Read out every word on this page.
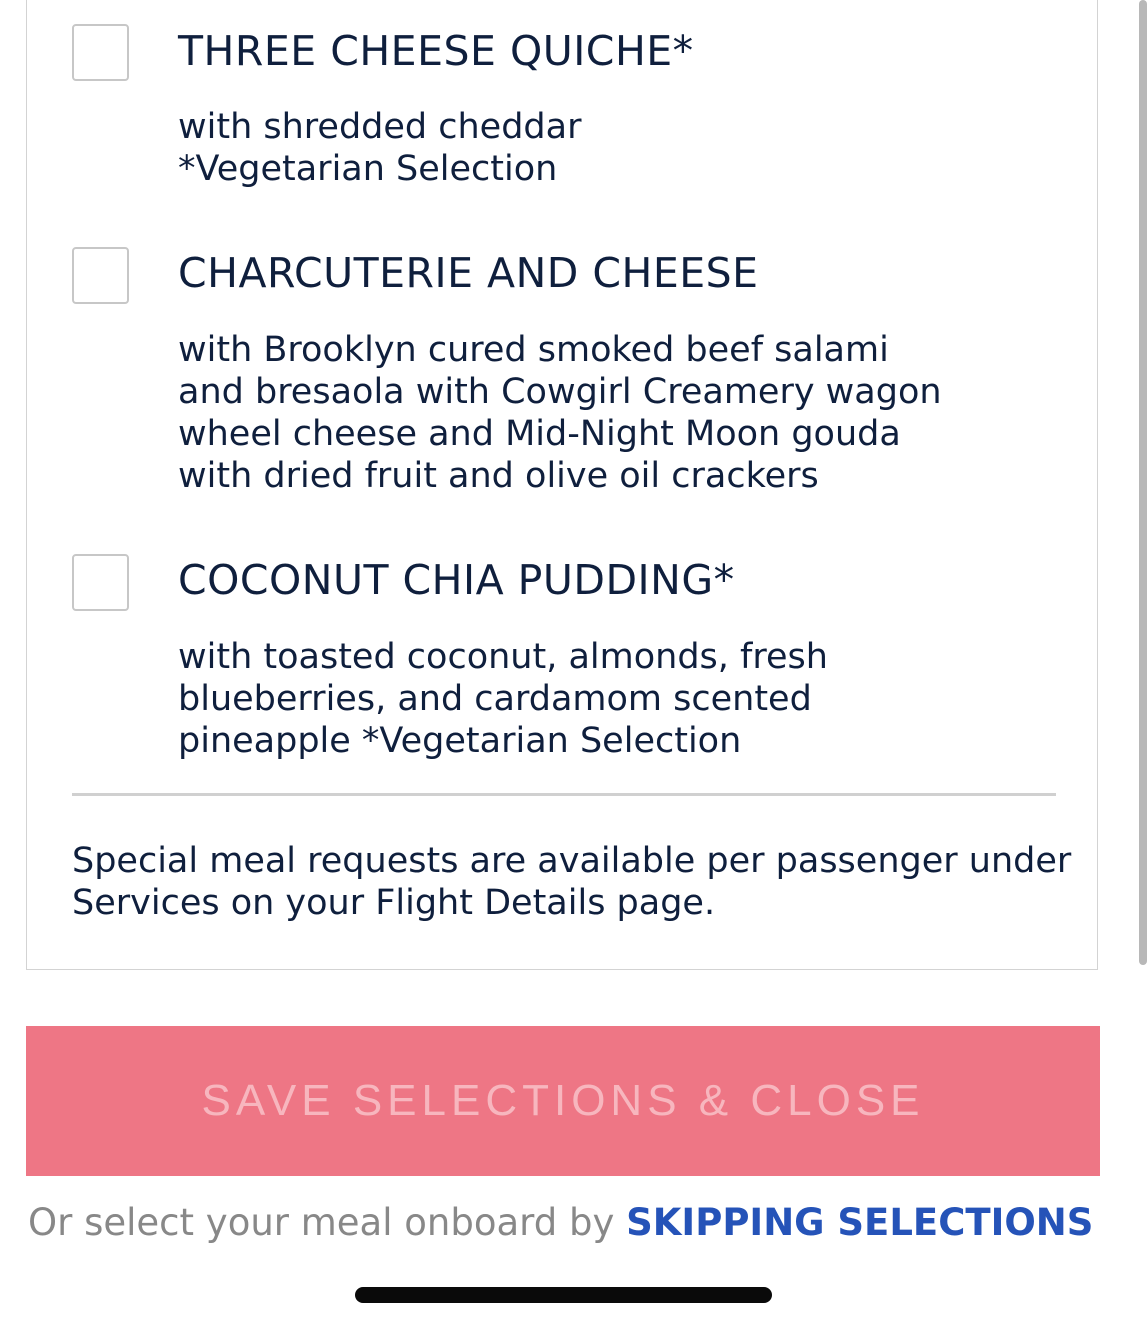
THREE CHEESE QUICHE*
with shredded cheddar
*Vegetarian Selection
CHARCUTERIE AND CHEESE
with Brooklyn cured smoked beef salami
and bresaola with Cowgirl Creamery wagon
wheel cheese and Mid-Night Moon gouda
with dried fruit and olive oil crackers
COCONUT CHIA PUDDING*
with toasted coconut, almonds, fresh
blueberries, and cardamom scented
pineapple *Vegetarian Selection
Special meal requests are available per passenger under
Services on your Flight Details page.
SAVE SELECTIONS & CLOSE
Or select your meal onboard by SKIPPING SELECTIONS
